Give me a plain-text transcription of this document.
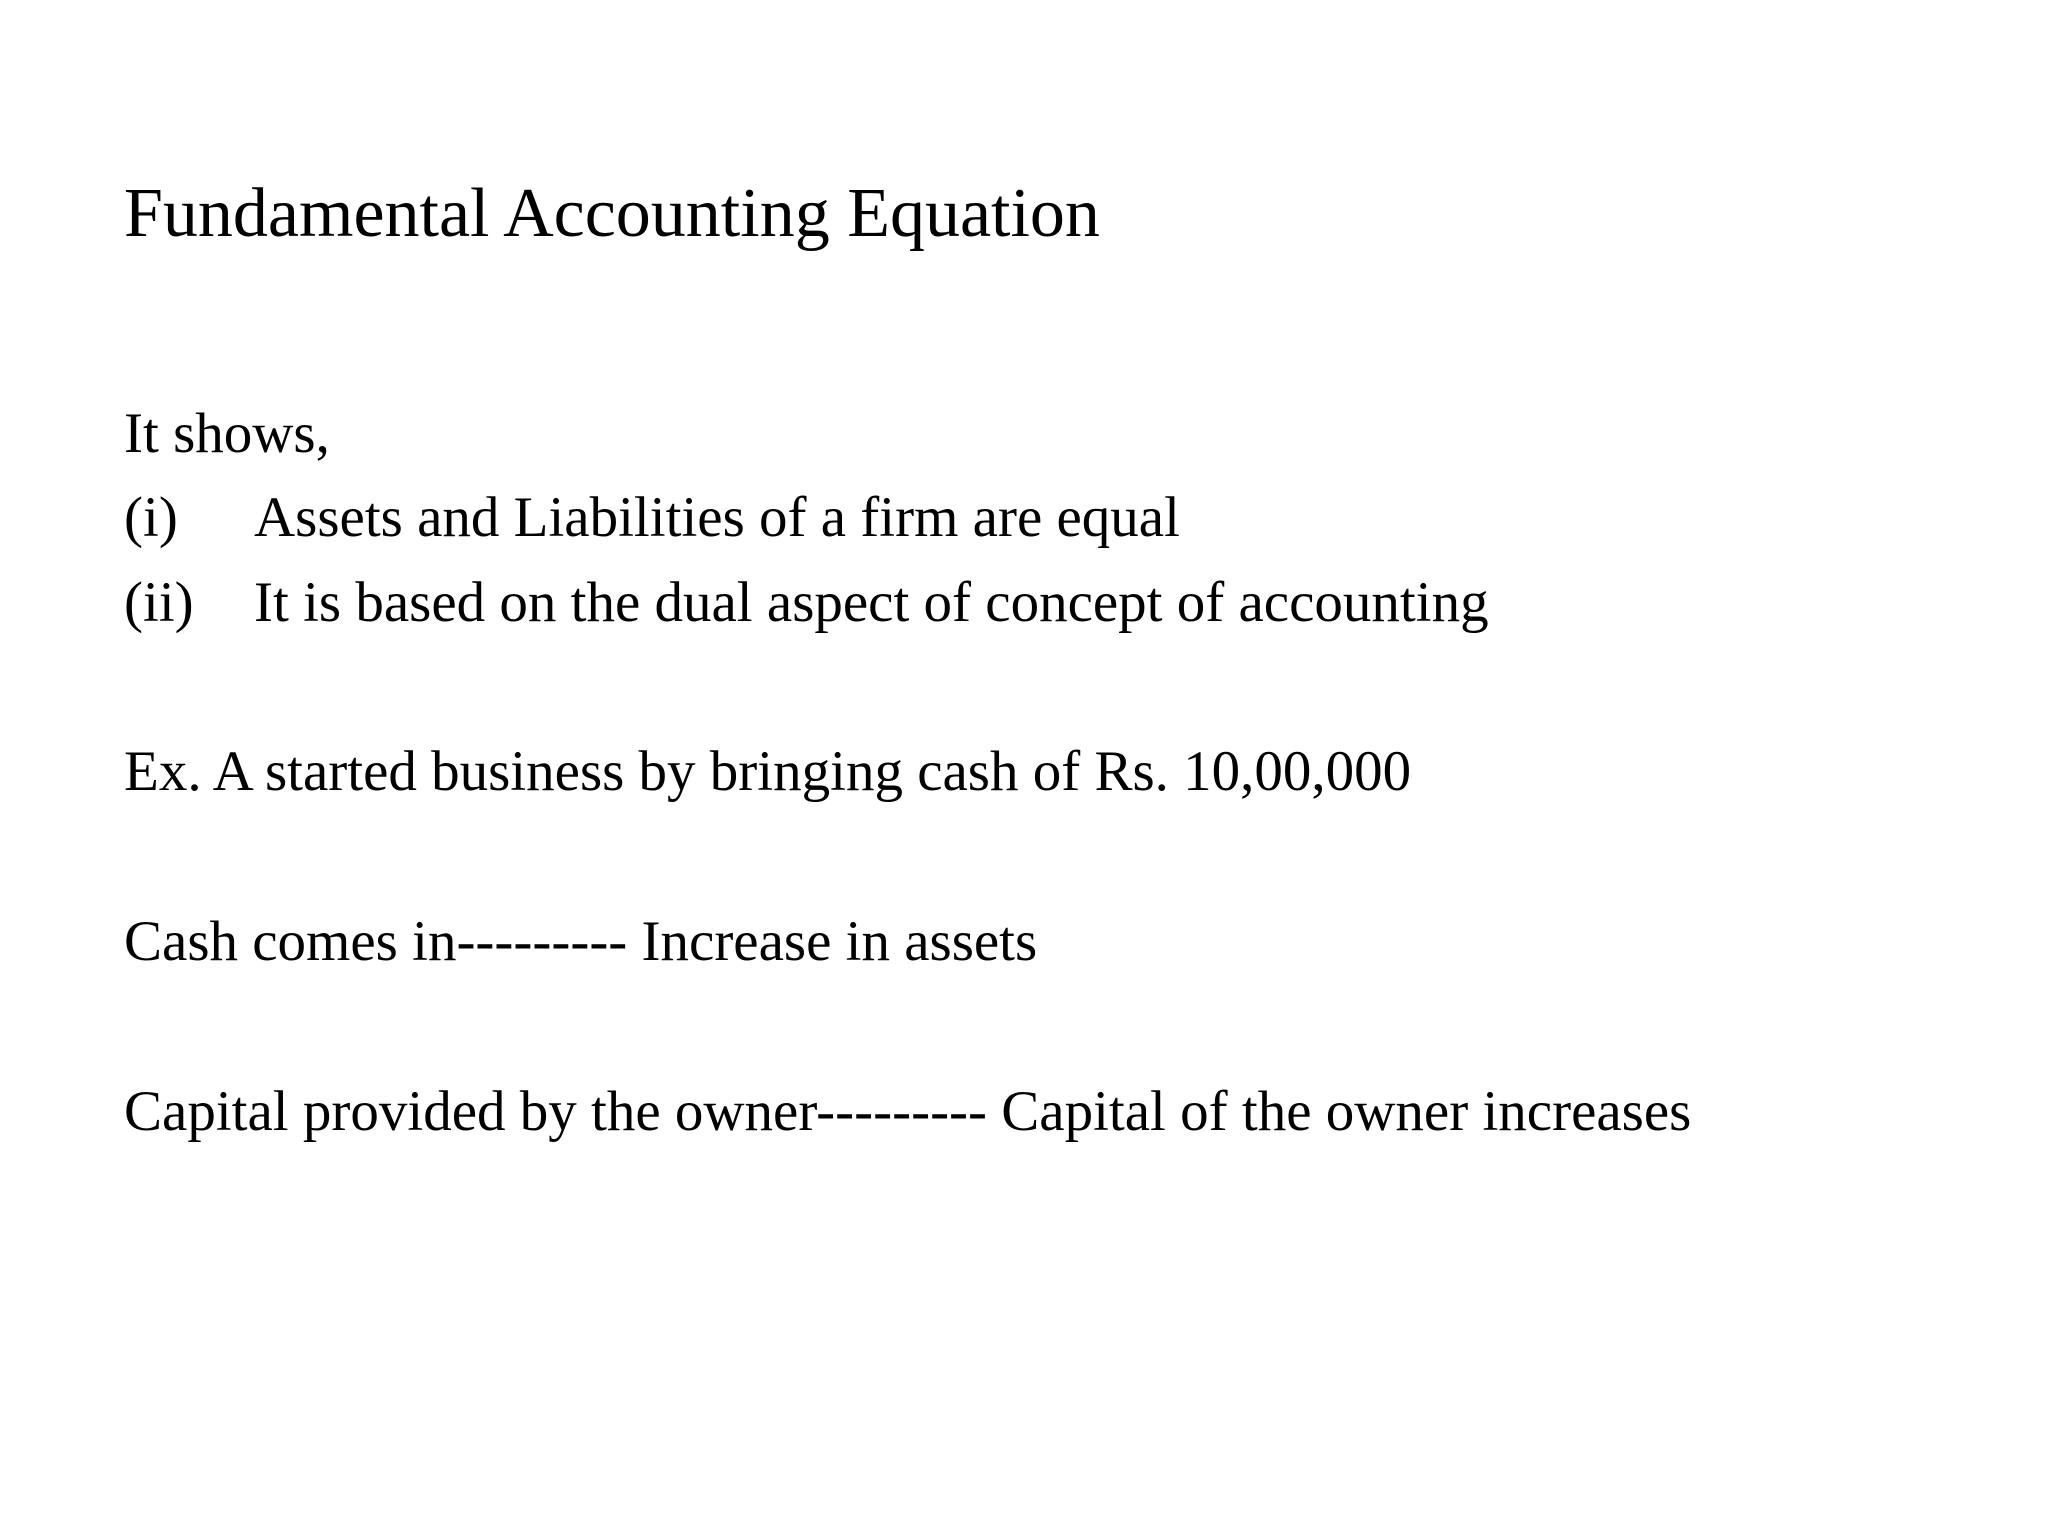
Fundamental Accounting Equation

It shows,

(i) Assets and Liabilities of a firm are equal

(ii) It is based on the dual aspect of concept of accounting

Ex. A started business by bringing cash of Rs. 10,00,000

Cash comes in--------- Increase in assets

Capital provided by the owner--------- Capital of the owner increases
